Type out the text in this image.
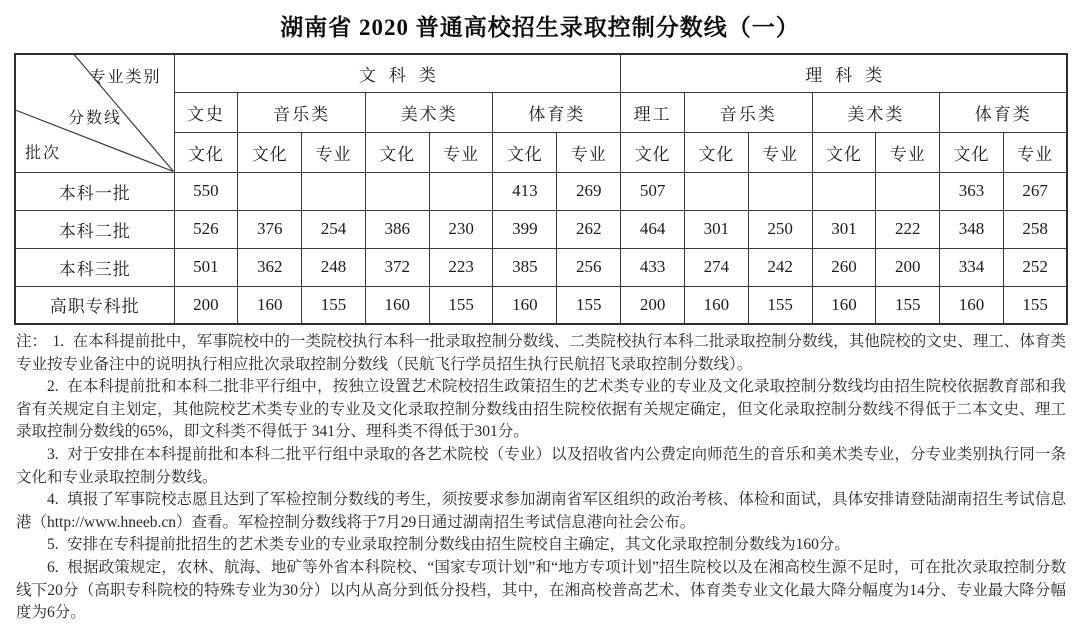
湖南省 2020 普通高校招生录取控制分数线（一）
专业类别
分数线
批次	文科类							理科类						
	文史	音乐类		美术类		体育类		理工	音乐类		美术类		体育类	
	文化	文化	专业	文化	专业	文化	专业	文化	文化	专业	文化	专业	文化	专业
本科一批	550					413	269	507					363	267
本科二批	526	376	254	386	230	399	262	464	301	250	301	222	348	258
本科三批	501	362	248	372	223	385	256	433	274	242	260	200	334	252
高职专科批	200	160	155	160	155	160	155	200	160	155	160	155	160	155

注： 1. 在本科提前批中，军事院校中的一类院校执行本科一批录取控制分数线、二类院校执行本科二批录取控制分数线，其他院校的文史、理工、体育类专业按专业备注中的说明执行相应批次录取控制分数线（民航飞行学员招生执行民航招飞录取控制分数线）。

2. 在本科提前批和本科二批非平行组中，按独立设置艺术院校招生政策招生的艺术类专业的专业及文化录取控制分数线均由招生院校依据教育部和我省有关规定自主划定，其他院校艺术类专业的专业及文化录取控制分数线由招生院校依据有关规定确定，但文化录取控制分数线不得低于二本文史、理工录取控制分数线的65%，即文科类不得低于 341分、理科类不得低于301分。

3. 对于安排在本科提前批和本科二批平行组中录取的各艺术院校（专业）以及招收省内公费定向师范生的音乐和美术类专业，分专业类别执行同一条文化和专业录取控制分数线。

4. 填报了军事院校志愿且达到了军检控制分数线的考生，须按要求参加湖南省军区组织的政治考核、体检和面试，具体安排请登陆湖南招生考试信息港（http://www.hneeb.cn）查看。军检控制分数线将于7月29日通过湖南招生考试信息港向社会公布。

5. 安排在专科提前批招生的艺术类专业的专业录取控制分数线由招生院校自主确定，其文化录取控制分数线为160分。

6. 根据政策规定，农林、航海、地矿等外省本科院校、“国家专项计划”和“地方专项计划”招生院校以及在湘高校生源不足时，可在批次录取控制分数线下20分（高职专科院校的特殊专业为30分）以内从高分到低分投档，其中，在湘高校普高艺术、体育类专业文化最大降分幅度为14分、专业最大降分幅度为6分。
